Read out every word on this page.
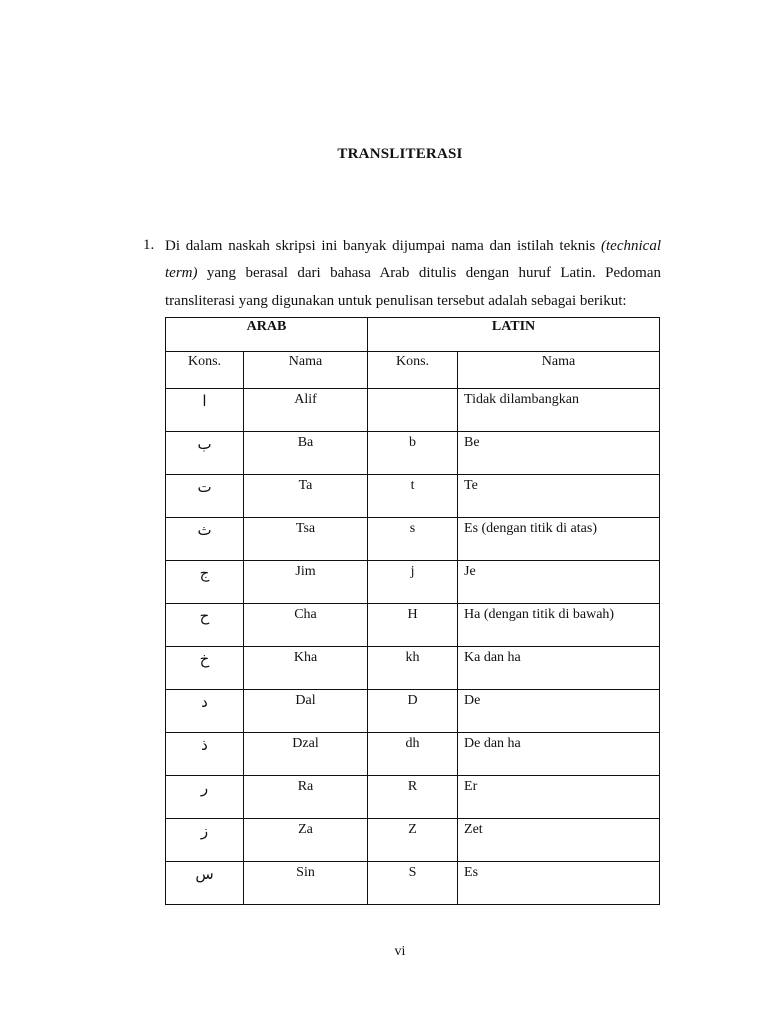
TRANSLITERASI
1. Di dalam naskah skripsi ini banyak dijumpai nama dan istilah teknis (technical
term) yang berasal dari bahasa Arab ditulis dengan huruf Latin. Pedoman
transliterasi yang digunakan untuk penulisan tersebut adalah sebagai berikut:
ARAB		LATIN	
Kons.	Nama	Kons.	Nama
ا	Alif		Tidak dilambangkan
ب	Ba	b	Be
ت	Ta	t	Te
ث	Tsa	s	Es (dengan titik di atas)
ج	Jim	j	Je
ح	Cha	H	Ha (dengan titik di bawah)
خ	Kha	kh	Ka dan ha
د	Dal	D	De
ذ	Dzal	dh	De dan ha
ر	Ra	R	Er
ز	Za	Z	Zet
س	Sin	S	Es
vi
